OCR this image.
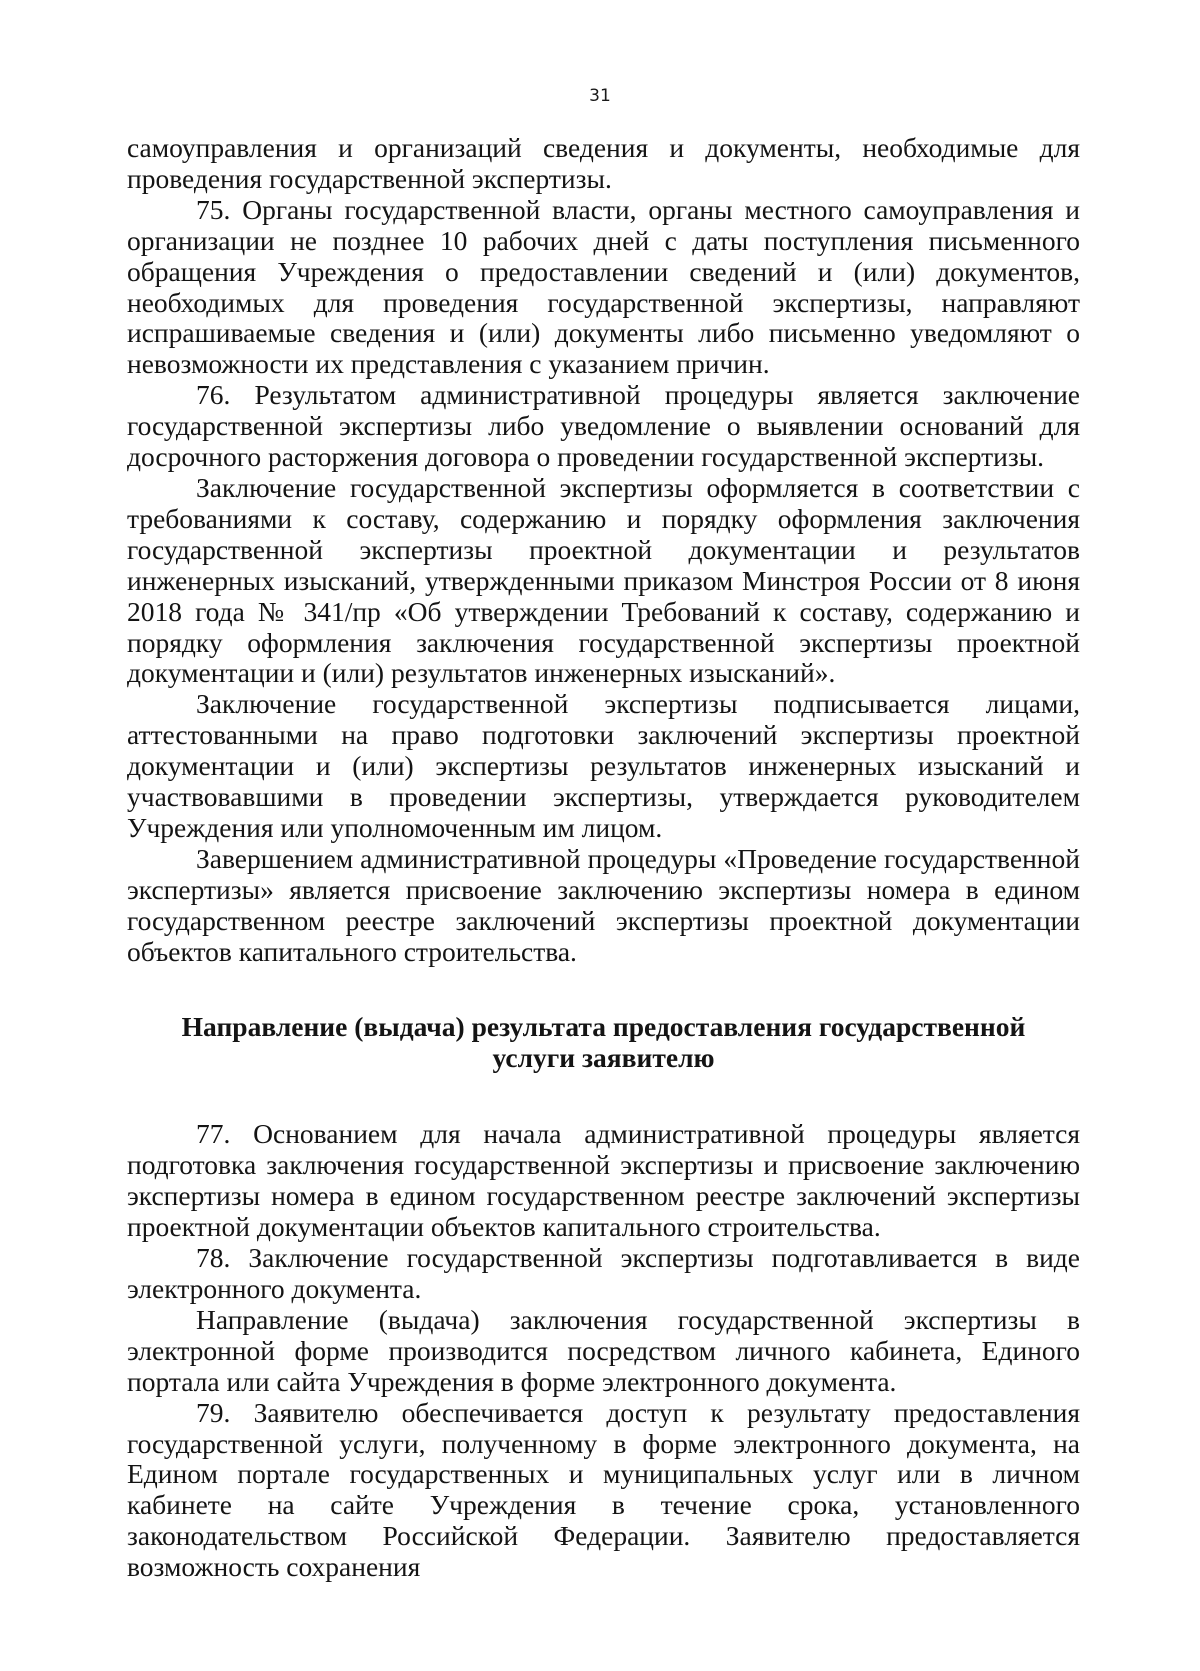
31

самоуправления и организаций сведения и документы, необходимые для проведения государственной экспертизы.

75. Органы государственной власти, органы местного самоуправления и организации не позднее 10 рабочих дней с даты поступления письменного обращения Учреждения о предоставлении сведений и (или) документов, необходимых для проведения государственной экспертизы, направляют испрашиваемые сведения и (или) документы либо письменно уведомляют о невозможности их представления с указанием причин.

76. Результатом административной процедуры является заключение государственной экспертизы либо уведомление о выявлении оснований для досрочного расторжения договора о проведении государственной экспертизы.

Заключение государственной экспертизы оформляется в соответствии с требованиями к составу, содержанию и порядку оформления заключения государственной экспертизы проектной документации и результатов инженерных изысканий, утвержденными приказом Минстроя России от 8 июня 2018 года № 341/пр «Об утверждении Требований к составу, содержанию и порядку оформления заключения государственной экспертизы проектной документации и (или) результатов инженерных изысканий».

Заключение государственной экспертизы подписывается лицами, аттестованными на право подготовки заключений экспертизы проектной документации и (или) экспертизы результатов инженерных изысканий и участвовавшими в проведении экспертизы, утверждается руководителем Учреждения или уполномоченным им лицом.

Завершением административной процедуры «Проведение государственной экспертизы» является присвоение заключению экспертизы номера в едином государственном реестре заключений экспертизы проектной документации объектов капитального строительства.

Направление (выдача) результата предоставления государственной
услуги заявителю

77. Основанием для начала административной процедуры является подготовка заключения государственной экспертизы и присвоение заключению экспертизы номера в едином государственном реестре заключений экспертизы проектной документации объектов капитального строительства.

78. Заключение государственной экспертизы подготавливается в виде электронного документа.

Направление (выдача) заключения государственной экспертизы в электронной форме производится посредством личного кабинета, Единого портала или сайта Учреждения в форме электронного документа.

79. Заявителю обеспечивается доступ к результату предоставления государственной услуги, полученному в форме электронного документа, на Едином портале государственных и муниципальных услуг или в личном кабинете на сайте Учреждения в течение срока, установленного законодательством Российской Федерации. Заявителю предоставляется возможность сохранения
